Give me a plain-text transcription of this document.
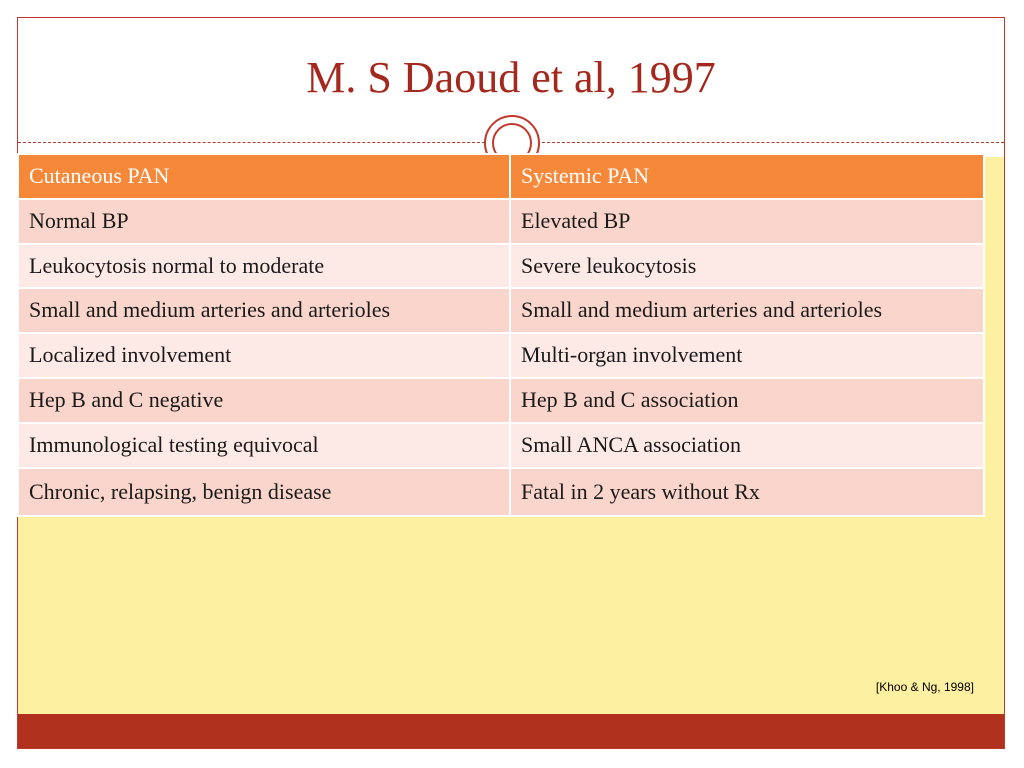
M. S Daoud et al, 1997
Cutaneous PAN	Systemic PAN
Normal BP	Elevated BP
Leukocytosis normal to moderate	Severe leukocytosis
Small and medium arteries and arterioles	Small and medium arteries and arterioles
Localized involvement	Multi-organ involvement
Hep B and C negative	Hep B and C association
Immunological testing equivocal	Small ANCA association
Chronic, relapsing, benign disease	Fatal in 2 years without Rx
[Khoo & Ng, 1998]
